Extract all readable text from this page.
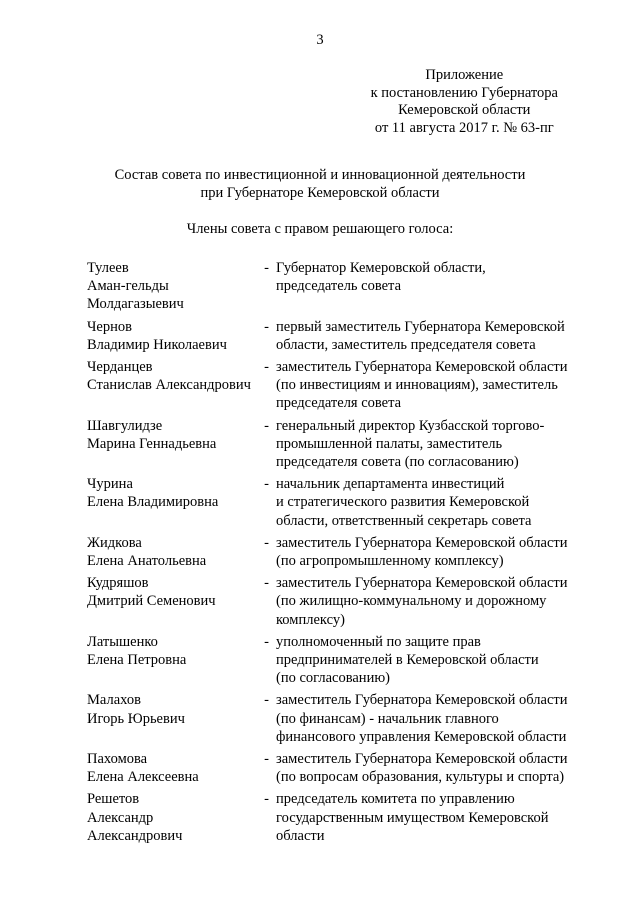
3
Приложение
к постановлению Губернатора
Кемеровской области
от 11 августа 2017 г. № 63-пг
Состав совета по инвестиционной и инновационной деятельности
при Губернаторе Кемеровской области
Члены совета с правом решающего голоса:
Тулеев
Аман-гельды
Молдагазыевич
- Губернатор Кемеровской области,
председатель совета
Чернов
Владимир Николаевич
- первый заместитель Губернатора Кемеровской
области, заместитель председателя совета
Черданцев
Станислав Александрович
- заместитель Губернатора Кемеровской области
(по инвестициям и инновациям), заместитель
председателя совета
Шавгулидзе
Марина Геннадьевна
- генеральный директор Кузбасской торгово-
промышленной палаты, заместитель
председателя совета (по согласованию)
Чурина
Елена Владимировна
- начальник департамента инвестиций
и стратегического развития Кемеровской
области, ответственный секретарь совета
Жидкова
Елена Анатольевна
- заместитель Губернатора Кемеровской области
(по агропромышленному комплексу)
Кудряшов
Дмитрий Семенович
- заместитель Губернатора Кемеровской области
(по жилищно-коммунальному и дорожному
комплексу)
Латышенко
Елена Петровна
- уполномоченный по защите прав
предпринимателей в Кемеровской области
(по согласованию)
Малахов
Игорь Юрьевич
- заместитель Губернатора Кемеровской области
(по финансам) - начальник главного
финансового управления Кемеровской области
Пахомова
Елена Алексеевна
- заместитель Губернатора Кемеровской области
(по вопросам образования, культуры и спорта)
Решетов
Александр
Александрович
- председатель комитета по управлению
государственным имуществом Кемеровской
области
